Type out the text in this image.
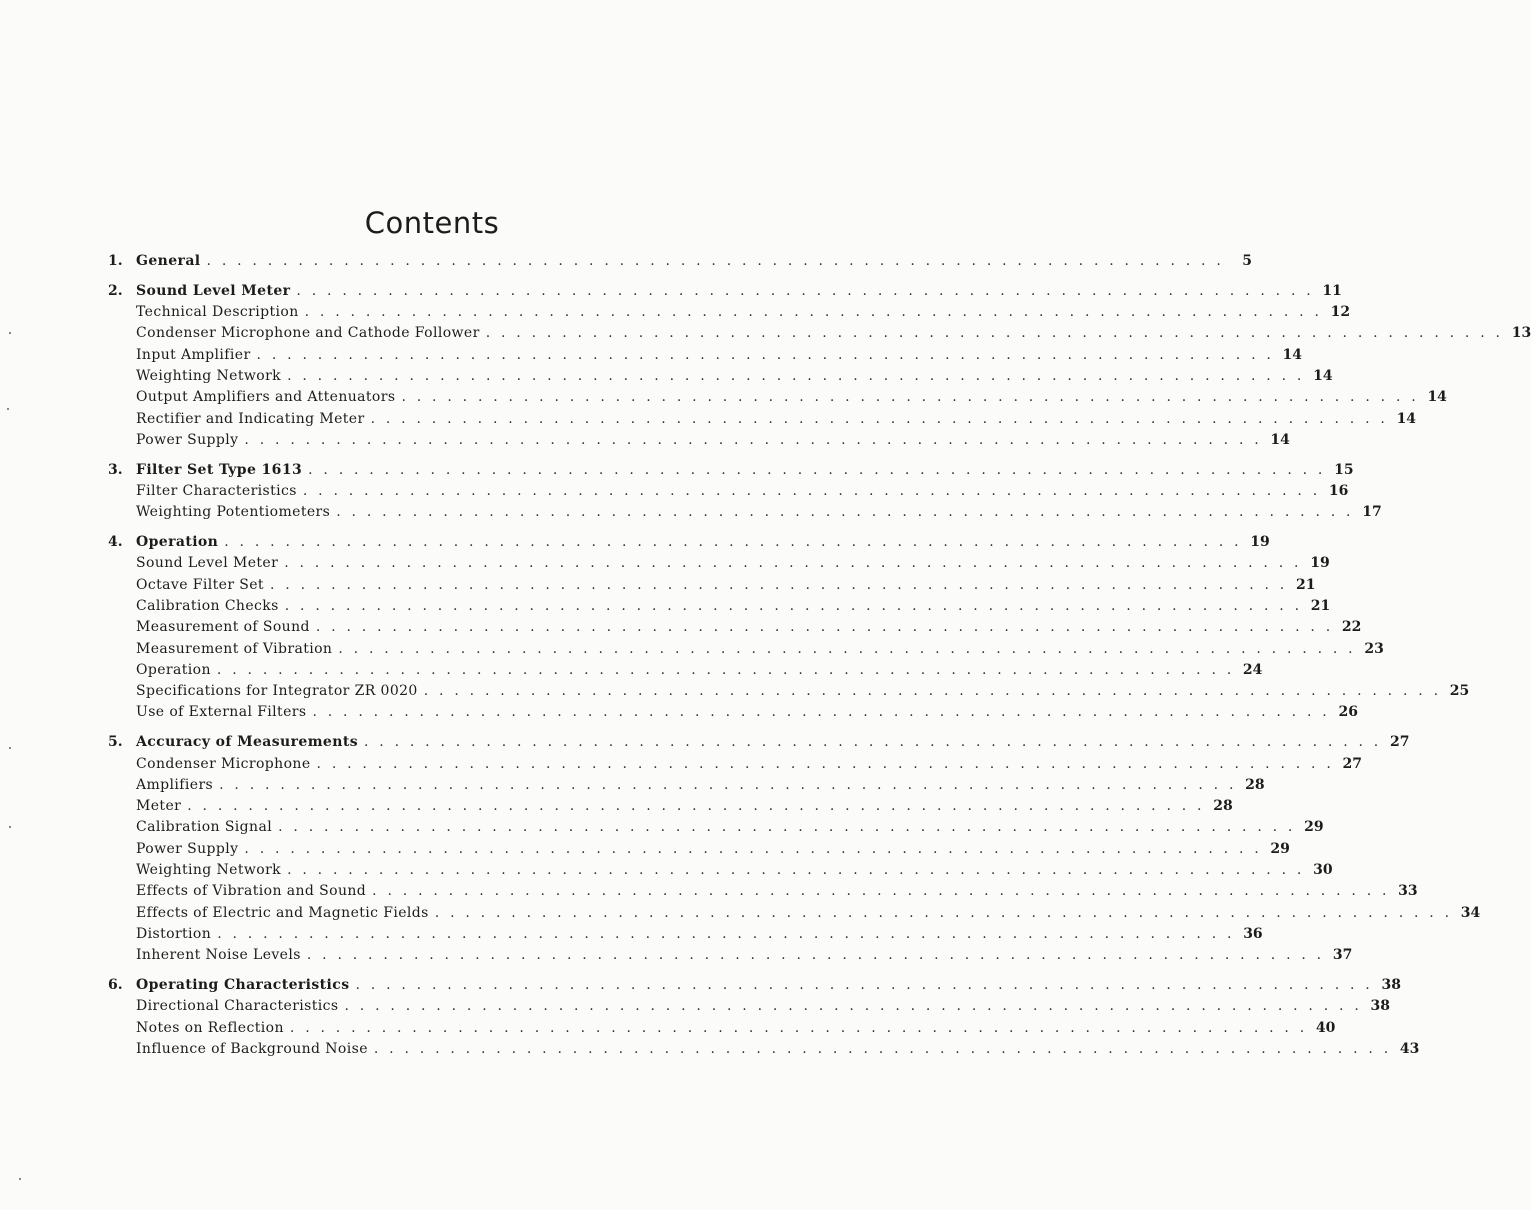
Contents
1. General . . . . . . . . . . . . . . . . . . . . . . . . . . . . . . . . . . . . . . . . . . . . . . . . . . . . . . . . . . . . . . . . . . .	5
2. Sound Level Meter . . . . . . . . . . . . . . . . . . . . . . . . . . . . . . . . . . . . . . . . . . . . . . . . . . . . . . . . . . . . . . . . . . . 11
Technical Description . . . . . . . . . . . . . . . . . . . . . . . . . . . . . . . . . . . . . . . . . . . . . . . . . . . . . . . . . . . . . . . . . . . 12
Condenser Microphone and Cathode Follower . . . . . . . . . . . . . . . . . . . . . . . . . . . . . . . . . . . . . . . . . . . . . . . . . . . . . . . . . . . . . . . . . . . 13
Input Amplifier . . . . . . . . . . . . . . . . . . . . . . . . . . . . . . . . . . . . . . . . . . . . . . . . . . . . . . . . . . . . . . . . . . . 14
Weighting Network . . . . . . . . . . . . . . . . . . . . . . . . . . . . . . . . . . . . . . . . . . . . . . . . . . . . . . . . . . . . . . . . . . . 14
Output Amplifiers and Attenuators . . . . . . . . . . . . . . . . . . . . . . . . . . . . . . . . . . . . . . . . . . . . . . . . . . . . . . . . . . . . . . . . . . . 14
Rectifier and Indicating Meter . . . . . . . . . . . . . . . . . . . . . . . . . . . . . . . . . . . . . . . . . . . . . . . . . . . . . . . . . . . . . . . . . . . 14
Power Supply . . . . . . . . . . . . . . . . . . . . . . . . . . . . . . . . . . . . . . . . . . . . . . . . . . . . . . . . . . . . . . . . . . . 14
3. Filter Set Type 1613 . . . . . . . . . . . . . . . . . . . . . . . . . . . . . . . . . . . . . . . . . . . . . . . . . . . . . . . . . . . . . . . . . . . 15
Filter Characteristics . . . . . . . . . . . . . . . . . . . . . . . . . . . . . . . . . . . . . . . . . . . . . . . . . . . . . . . . . . . . . . . . . . . 16
Weighting Potentiometers . . . . . . . . . . . . . . . . . . . . . . . . . . . . . . . . . . . . . . . . . . . . . . . . . . . . . . . . . . . . . . . . . . . 17
4. Operation . . . . . . . . . . . . . . . . . . . . . . . . . . . . . . . . . . . . . . . . . . . . . . . . . . . . . . . . . . . . . . . . . . . 19
Sound Level Meter . . . . . . . . . . . . . . . . . . . . . . . . . . . . . . . . . . . . . . . . . . . . . . . . . . . . . . . . . . . . . . . . . . . 19
Octave Filter Set . . . . . . . . . . . . . . . . . . . . . . . . . . . . . . . . . . . . . . . . . . . . . . . . . . . . . . . . . . . . . . . . . . . 21
Calibration Checks . . . . . . . . . . . . . . . . . . . . . . . . . . . . . . . . . . . . . . . . . . . . . . . . . . . . . . . . . . . . . . . . . . . 21
Measurement of Sound . . . . . . . . . . . . . . . . . . . . . . . . . . . . . . . . . . . . . . . . . . . . . . . . . . . . . . . . . . . . . . . . . . . 22
Measurement of Vibration . . . . . . . . . . . . . . . . . . . . . . . . . . . . . . . . . . . . . . . . . . . . . . . . . . . . . . . . . . . . . . . . . . . 23
Operation . . . . . . . . . . . . . . . . . . . . . . . . . . . . . . . . . . . . . . . . . . . . . . . . . . . . . . . . . . . . . . . . . . . 24
Specifications for Integrator ZR 0020 . . . . . . . . . . . . . . . . . . . . . . . . . . . . . . . . . . . . . . . . . . . . . . . . . . . . . . . . . . . . . . . . . . . 25
Use of External Filters . . . . . . . . . . . . . . . . . . . . . . . . . . . . . . . . . . . . . . . . . . . . . . . . . . . . . . . . . . . . . . . . . . . 26
5. Accuracy of Measurements . . . . . . . . . . . . . . . . . . . . . . . . . . . . . . . . . . . . . . . . . . . . . . . . . . . . . . . . . . . . . . . . . . . 27
Condenser Microphone . . . . . . . . . . . . . . . . . . . . . . . . . . . . . . . . . . . . . . . . . . . . . . . . . . . . . . . . . . . . . . . . . . . 27
Amplifiers . . . . . . . . . . . . . . . . . . . . . . . . . . . . . . . . . . . . . . . . . . . . . . . . . . . . . . . . . . . . . . . . . . . 28
Meter . . . . . . . . . . . . . . . . . . . . . . . . . . . . . . . . . . . . . . . . . . . . . . . . . . . . . . . . . . . . . . . . . . . 28
Calibration Signal . . . . . . . . . . . . . . . . . . . . . . . . . . . . . . . . . . . . . . . . . . . . . . . . . . . . . . . . . . . . . . . . . . . 29
Power Supply . . . . . . . . . . . . . . . . . . . . . . . . . . . . . . . . . . . . . . . . . . . . . . . . . . . . . . . . . . . . . . . . . . . 29
Weighting Network . . . . . . . . . . . . . . . . . . . . . . . . . . . . . . . . . . . . . . . . . . . . . . . . . . . . . . . . . . . . . . . . . . . 30
Effects of Vibration and Sound . . . . . . . . . . . . . . . . . . . . . . . . . . . . . . . . . . . . . . . . . . . . . . . . . . . . . . . . . . . . . . . . . . . 33
Effects of Electric and Magnetic Fields . . . . . . . . . . . . . . . . . . . . . . . . . . . . . . . . . . . . . . . . . . . . . . . . . . . . . . . . . . . . . . . . . . . 34
Distortion . . . . . . . . . . . . . . . . . . . . . . . . . . . . . . . . . . . . . . . . . . . . . . . . . . . . . . . . . . . . . . . . . . . 36
Inherent Noise Levels . . . . . . . . . . . . . . . . . . . . . . . . . . . . . . . . . . . . . . . . . . . . . . . . . . . . . . . . . . . . . . . . . . . 37
6. Operating Characteristics . . . . . . . . . . . . . . . . . . . . . . . . . . . . . . . . . . . . . . . . . . . . . . . . . . . . . . . . . . . . . . . . . . . 38
Directional Characteristics . . . . . . . . . . . . . . . . . . . . . . . . . . . . . . . . . . . . . . . . . . . . . . . . . . . . . . . . . . . . . . . . . . . 38
Notes on Reflection . . . . . . . . . . . . . . . . . . . . . . . . . . . . . . . . . . . . . . . . . . . . . . . . . . . . . . . . . . . . . . . . . . . 40
Influence of Background Noise . . . . . . . . . . . . . . . . . . . . . . . . . . . . . . . . . . . . . . . . . . . . . . . . . . . . . . . . . . . . . . . . . . . 43
